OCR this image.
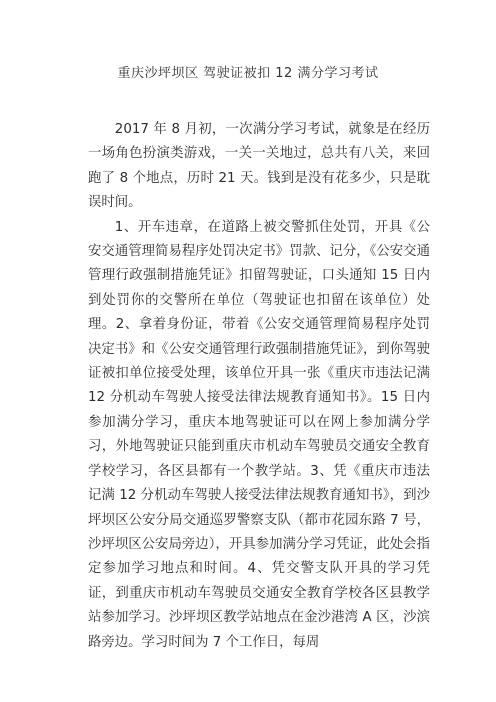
重庆沙坪坝区 驾驶证被扣 12 满分学习考试

2017 年 8 月初，一次满分学习考试，就象是在经历一场角色扮演类游戏，一关一关地过，总共有八关，来回跑了 8 个地点，历时 21 天。钱到是没有花多少，只是耽误时间。

1、开车违章，在道路上被交警抓住处罚，开具《公安交通管理简易程序处罚决定书》罚款、记分，《公安交通管理行政强制措施凭证》扣留驾驶证，口头通知 15 日内到处罚你的交警所在单位（驾驶证也扣留在该单位）处理。2、拿着身份证，带着《公安交通管理简易程序处罚决定书》和《公安交通管理行政强制措施凭证》，到你驾驶证被扣单位接受处理，该单位开具一张《重庆市违法记满 12 分机动车驾驶人接受法律法规教育通知书》。15 日内参加满分学习，重庆本地驾驶证可以在网上参加满分学习，外地驾驶证只能到重庆市机动车驾驶员交通安全教育学校学习，各区县都有一个教学站。3、凭《重庆市违法记满 12 分机动车驾驶人接受法律法规教育通知书》，到沙坪坝区公安分局交通巡罗警察支队（都市花园东路 7 号，沙坪坝区公安局旁边），开具参加满分学习凭证，此处会指定参加学习地点和时间。4、凭交警支队开具的学习凭证，到重庆市机动车驾驶员交通安全教育学校各区县教学站参加学习。沙坪坝区教学站地点在金沙港湾 A 区，沙滨路旁边。学习时间为 7 个工作日，每周
